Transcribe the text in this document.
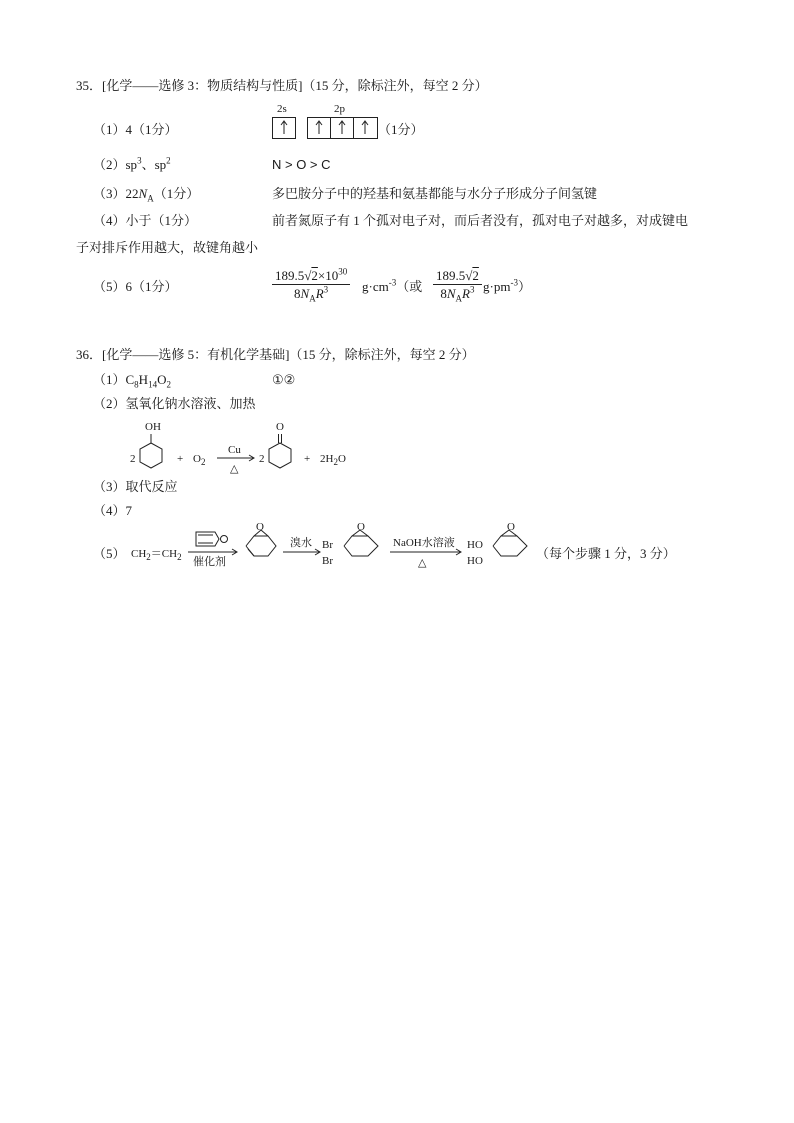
35．[化学——选修 3：物质结构与性质]（15 分，除标注外，每空 2 分）
（1）4（1分）
2s	2p
（1分）
$(2)sp^3$、$sp^2$	N > O > C
$(3)22N_A(1$分）	多巴胺分子中的羟基和氨基都能与水分子形成分子间氢键
（4）小于（1分）	前者氮原子有 1 个孤对电子对，而后者没有，孤对电子对越多，对成键电
子对排斥作用越大，故键角越小
（5）6（1分）
$189.5√2\times 10^{30}$
$8N_AR^3$	$g\cdot cm^{-3}$（或
189.5√2
$8N_AR^3$ $g\cdot pm^{-3}$）
36．[化学——选修 5：有机化学基础]（15 分，除标注外，每空 2 分）
$(1)C_8H_{14}O_2$	①②
（2）氢氧化钠水溶液、加热
2
OH
+ $O_2$
Cu
△
2
O
+ $2H_2O$
（3）取代反应
（4）7
（5） $CH_2=CH_2$ 催化剂
O
溴水 Br
Br
O
NaOH水溶液
△
HO
HO
O
（每个步骤 1 分，3 分）
